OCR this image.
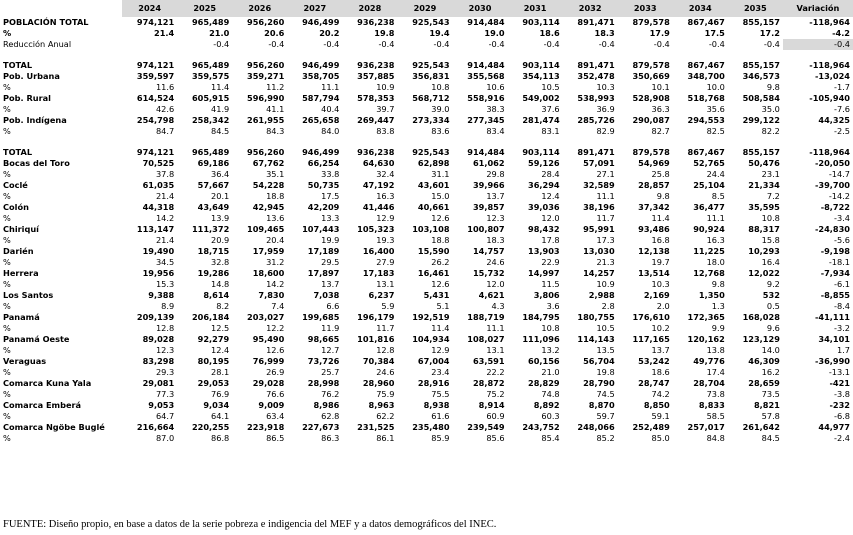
	2024	2025	2026	2027	2028	2029	2030	2031	2032	2033	2034	2035	Variación
POBLACIÓN TOTAL	974,121	965,489	956,260	946,499	936,238	925,543	914,484	903,114	891,471	879,578	867,467	855,157	-118,964
%	21.4	21.0	20.6	20.2	19.8	19.4	19.0	18.6	18.3	17.9	17.5	17.2	-4.2
Reducción Anual		-0.4	-0.4	-0.4	-0.4	-0.4	-0.4	-0.4	-0.4	-0.4	-0.4	-0.4	-0.4

TOTAL	974,121	965,489	956,260	946,499	936,238	925,543	914,484	903,114	891,471	879,578	867,467	855,157	-118,964
Pob. Urbana	359,597	359,575	359,271	358,705	357,885	356,831	355,568	354,113	352,478	350,669	348,700	346,573	-13,024
%	11.6	11.4	11.2	11.1	10.9	10.8	10.6	10.5	10.3	10.1	10.0	9.8	-1.7
Pob. Rural	614,524	605,915	596,990	587,794	578,353	568,712	558,916	549,002	538,993	528,908	518,768	508,584	-105,940
%	42.6	41.9	41.1	40.4	39.7	39.0	38.3	37.6	36.9	36.3	35.6	35.0	-7.6
Pob. Indígena	254,798	258,342	261,955	265,658	269,447	273,334	277,345	281,474	285,726	290,087	294,553	299,122	44,325
%	84.7	84.5	84.3	84.0	83.8	83.6	83.4	83.1	82.9	82.7	82.5	82.2	-2.5

TOTAL	974,121	965,489	956,260	946,499	936,238	925,543	914,484	903,114	891,471	879,578	867,467	855,157	-118,964
Bocas del Toro	70,525	69,186	67,762	66,254	64,630	62,898	61,062	59,126	57,091	54,969	52,765	50,476	-20,050
%	37.8	36.4	35.1	33.8	32.4	31.1	29.8	28.4	27.1	25.8	24.4	23.1	-14.7
Coclé	61,035	57,667	54,228	50,735	47,192	43,601	39,966	36,294	32,589	28,857	25,104	21,334	-39,700
%	21.4	20.1	18.8	17.5	16.3	15.0	13.7	12.4	11.1	9.8	8.5	7.2	-14.2
Colón	44,318	43,649	42,945	42,209	41,446	40,661	39,857	39,036	38,196	37,342	36,477	35,595	-8,722
%	14.2	13.9	13.6	13.3	12.9	12.6	12.3	12.0	11.7	11.4	11.1	10.8	-3.4
Chiriquí	113,147	111,372	109,465	107,443	105,323	103,108	100,807	98,432	95,991	93,486	90,924	88,317	-24,830
%	21.4	20.9	20.4	19.9	19.3	18.8	18.3	17.8	17.3	16.8	16.3	15.8	-5.6
Darién	19,490	18,715	17,959	17,189	16,400	15,590	14,757	13,903	13,030	12,138	11,225	10,293	-9,198
%	34.5	32.8	31.2	29.5	27.9	26.2	24.6	22.9	21.3	19.7	18.0	16.4	-18.1
Herrera	19,956	19,286	18,600	17,897	17,183	16,461	15,732	14,997	14,257	13,514	12,768	12,022	-7,934
%	15.3	14.8	14.2	13.7	13.1	12.6	12.0	11.5	10.9	10.3	9.8	9.2	-6.1
Los Santos	9,388	8,614	7,830	7,038	6,237	5,431	4,621	3,806	2,988	2,169	1,350	532	-8,855
%	8.9	8.2	7.4	6.6	5.9	5.1	4.3	3.6	2.8	2.0	1.3	0.5	-8.4
Panamá	209,139	206,184	203,027	199,685	196,179	192,519	188,719	184,795	180,755	176,610	172,365	168,028	-41,111
%	12.8	12.5	12.2	11.9	11.7	11.4	11.1	10.8	10.5	10.2	9.9	9.6	-3.2
Panamá Oeste	89,028	92,279	95,490	98,665	101,816	104,934	108,027	111,096	114,143	117,165	120,162	123,129	34,101
%	12.3	12.4	12.6	12.7	12.8	12.9	13.1	13.2	13.5	13.7	13.8	14.0	1.7
Veraguas	83,298	80,195	76,999	73,726	70,384	67,004	63,591	60,156	56,704	53,242	49,776	46,309	-36,990
%	29.3	28.1	26.9	25.7	24.6	23.4	22.2	21.0	19.8	18.6	17.4	16.2	-13.1
Comarca Kuna Yala	29,081	29,053	29,028	28,998	28,960	28,916	28,872	28,829	28,790	28,747	28,704	28,659	-421
%	77.3	76.9	76.6	76.2	75.9	75.5	75.2	74.8	74.5	74.2	73.8	73.5	-3.8
Comarca Emberá	9,053	9,034	9,009	8,986	8,963	8,938	8,914	8,892	8,870	8,850	8,833	8,821	-232
%	64.7	64.1	63.4	62.8	62.2	61.6	60.9	60.3	59.7	59.1	58.5	57.8	-6.8
Comarca Ngöbe Buglé	216,664	220,255	223,918	227,673	231,525	235,480	239,549	243,752	248,066	252,489	257,017	261,642	44,977
%	87.0	86.8	86.5	86.3	86.1	85.9	85.6	85.4	85.2	85.0	84.8	84.5	-2.4
FUENTE: Diseño propio, en base a datos de la serie pobreza e indigencia del MEF y a datos demográficos del INEC.
